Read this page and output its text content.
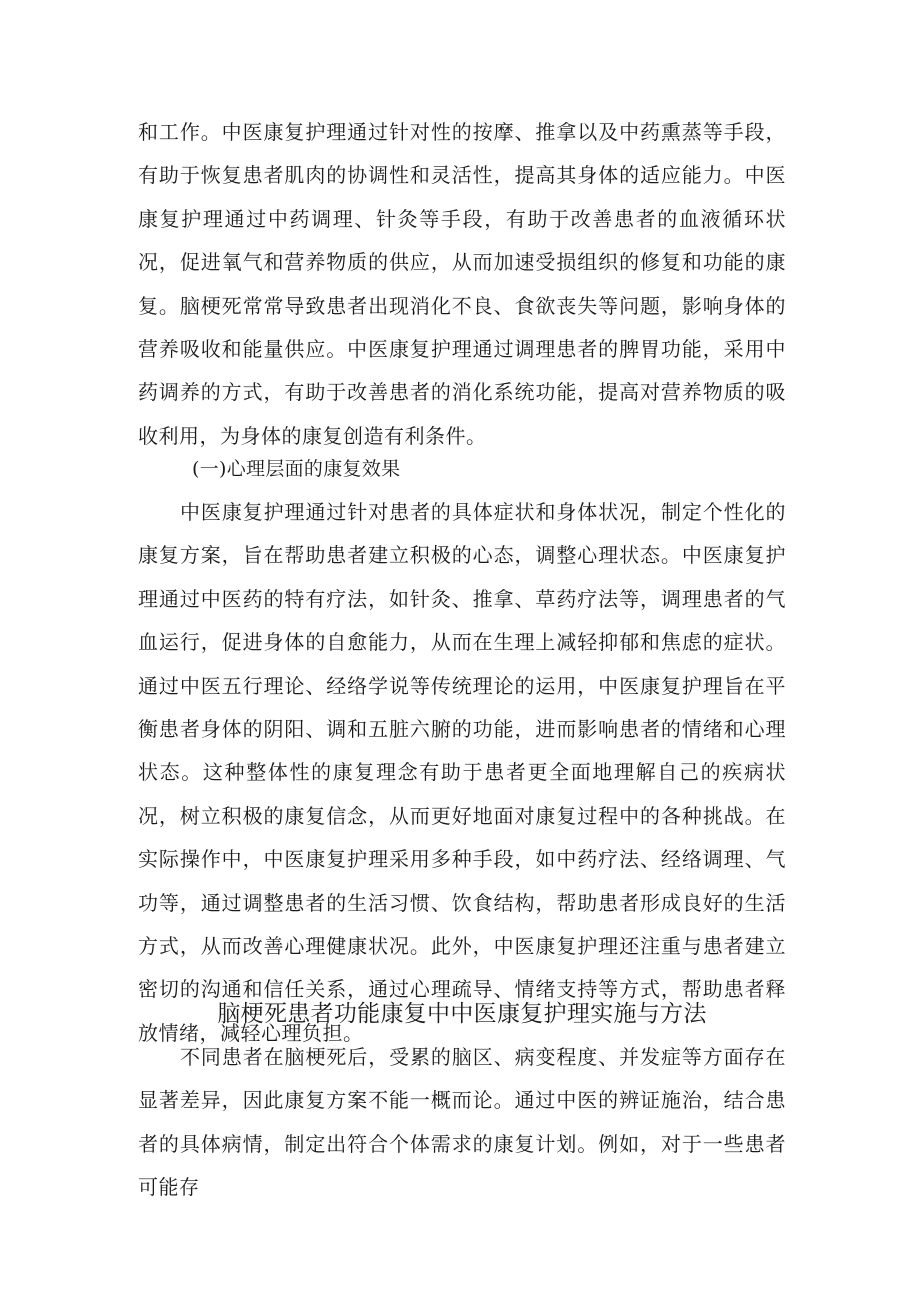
和工作。中医康复护理通过针对性的按摩、推拿以及中药熏蒸等手段，有助于恢复患者肌肉的协调性和灵活性，提高其身体的适应能力。中医康复护理通过中药调理、针灸等手段，有助于改善患者的血液循环状况，促进氧气和营养物质的供应，从而加速受损组织的修复和功能的康复。脑梗死常常导致患者出现消化不良、食欲丧失等问题，影响身体的营养吸收和能量供应。中医康复护理通过调理患者的脾胃功能，采用中药调养的方式，有助于改善患者的消化系统功能，提高对营养物质的吸收利用，为身体的康复创造有利条件。

(一)心理层面的康复效果

中医康复护理通过针对患者的具体症状和身体状况，制定个性化的康复方案，旨在帮助患者建立积极的心态，调整心理状态。中医康复护理通过中医药的特有疗法，如针灸、推拿、草药疗法等，调理患者的气血运行，促进身体的自愈能力，从而在生理上减轻抑郁和焦虑的症状。通过中医五行理论、经络学说等传统理论的运用，中医康复护理旨在平衡患者身体的阴阳、调和五脏六腑的功能，进而影响患者的情绪和心理状态。这种整体性的康复理念有助于患者更全面地理解自己的疾病状况，树立积极的康复信念，从而更好地面对康复过程中的各种挑战。在实际操作中，中医康复护理采用多种手段，如中药疗法、经络调理、气功等，通过调整患者的生活习惯、饮食结构，帮助患者形成良好的生活方式，从而改善心理健康状况。此外，中医康复护理还注重与患者建立密切的沟通和信任关系，通过心理疏导、情绪支持等方式，帮助患者释放情绪，减轻心理负担。

脑梗死患者功能康复中中医康复护理实施与方法

不同患者在脑梗死后，受累的脑区、病变程度、并发症等方面存在显著差异，因此康复方案不能一概而论。通过中医的辨证施治，结合患者的具体病情，制定出符合个体需求的康复计划。例如，对于一些患者可能存
